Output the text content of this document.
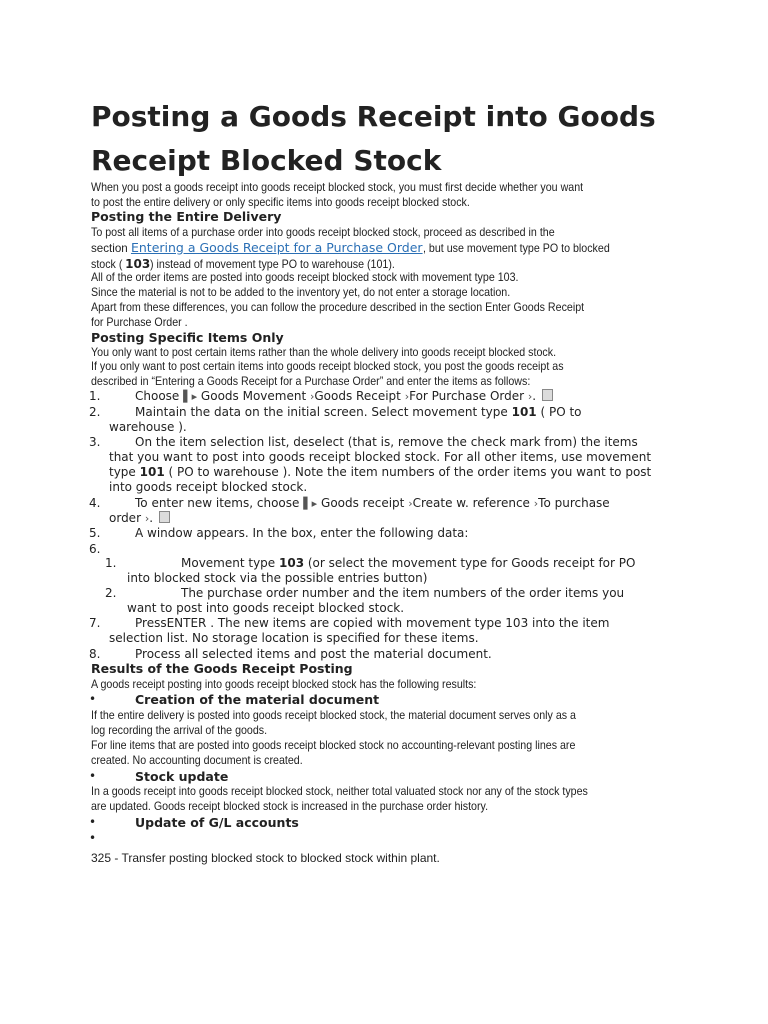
Posting a Goods Receipt into Goods
Receipt Blocked Stock
When you post a goods receipt into goods receipt blocked stock, you must first decide whether you want
to post the entire delivery or only specific items into goods receipt blocked stock.
Posting the Entire Delivery
To post all items of a purchase order into goods receipt blocked stock, proceed as described in the
section Entering a Goods Receipt for a Purchase Order, but use movement type PO to blocked
stock (103) instead of movement type PO to warehouse (101).
All of the order items are posted into goods receipt blocked stock with movement type 103.
Since the material is not to be added to the inventory yet, do not enter a storage location.
Apart from these differences, you can follow the procedure described in the section Enter Goods Receipt
for Purchase Order .
Posting Specific Items Only
You only want to post certain items rather than the whole delivery into goods receipt blocked stock.
If you only want to post certain items into goods receipt blocked stock, you post the goods receipt as
described in “Entering a Goods Receipt for a Purchase Order” and enter the items as follows:
1.	Choose ▌▸ Goods Movement ›Goods Receipt ›For Purchase Order ›.
2.	Maintain the data on the initial screen. Select movement type 101 ( PO to
warehouse ).
3.	On the item selection list, deselect (that is, remove the check mark from) the items
that you want to post into goods receipt blocked stock. For all other items, use movement
type 101 ( PO to warehouse ). Note the item numbers of the order items you want to post
into goods receipt blocked stock.
4.	To enter new items, choose ▌▸ Goods receipt ›Create w. reference ›To purchase
order ›.
5.	A window appears. In the box, enter the following data:
6.
1.	Movement type 103 (or select the movement type for Goods receipt for PO
into blocked stock via the possible entries button)
2.	The purchase order number and the item numbers of the order items you
want to post into goods receipt blocked stock.
7.	PressENTER . The new items are copied with movement type 103 into the item
selection list. No storage location is specified for these items.
8.	Process all selected items and post the material document.
Results of the Goods Receipt Posting
A goods receipt posting into goods receipt blocked stock has the following results:
•	Creation of the material document
If the entire delivery is posted into goods receipt blocked stock, the material document serves only as a
log recording the arrival of the goods.
For line items that are posted into goods receipt blocked stock no accounting-relevant posting lines are
created. No accounting document is created.
•	Stock update
In a goods receipt into goods receipt blocked stock, neither total valuated stock nor any of the stock types
are updated. Goods receipt blocked stock is increased in the purchase order history.
•	Update of G/L accounts
•
325 - Transfer posting blocked stock to blocked stock within plant.
